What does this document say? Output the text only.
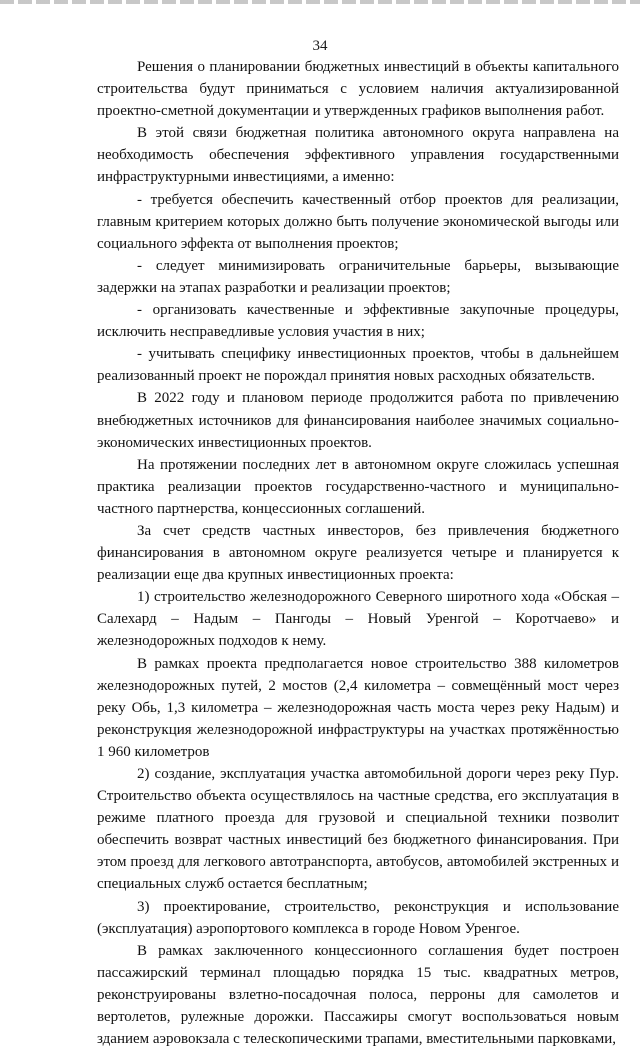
34

Решения о планировании бюджетных инвестиций в объекты капитального строительства будут приниматься с условием наличия актуализированной проектно-сметной документации и утвержденных графиков выполнения работ.

В этой связи бюджетная политика автономного округа направлена на необходимость обеспечения эффективного управления государственными инфраструктурными инвестициями, а именно:

- требуется обеспечить качественный отбор проектов для реализации, главным критерием которых должно быть получение экономической выгоды или социального эффекта от выполнения проектов;

- следует минимизировать ограничительные барьеры, вызывающие задержки на этапах разработки и реализации проектов;

- организовать качественные и эффективные закупочные процедуры, исключить несправедливые условия участия в них;

- учитывать специфику инвестиционных проектов, чтобы в дальнейшем реализованный проект не порождал принятия новых расходных обязательств.

В 2022 году и плановом периоде продолжится работа по привлечению внебюджетных источников для финансирования наиболее значимых социально-экономических инвестиционных проектов.

На протяжении последних лет в автономном округе сложилась успешная практика реализации проектов государственно-частного и муниципально-частного партнерства, концессионных соглашений.

За счет средств частных инвесторов, без привлечения бюджетного финансирования в автономном округе реализуется четыре и планируется к реализации еще два крупных инвестиционных проекта:

1) строительство железнодорожного Северного широтного хода «Обская – Салехард – Надым – Пангоды – Новый Уренгой – Коротчаево» и железнодорожных подходов к нему.

В рамках проекта предполагается новое строительство 388 километров железнодорожных путей, 2 мостов (2,4 километра – совмещённый мост через реку Обь, 1,3 километра – железнодорожная часть моста через реку Надым) и реконструкция железнодорожной инфраструктуры на участках протяжённостью 1 960 километров

2) создание, эксплуатация участка автомобильной дороги через реку Пур. Строительство объекта осуществлялось на частные средства, его эксплуатация в режиме платного проезда для грузовой и специальной техники позволит обеспечить возврат частных инвестиций без бюджетного финансирования. При этом проезд для легкового автотранспорта, автобусов, автомобилей экстренных и специальных служб остается бесплатным;

3) проектирование, строительство, реконструкция и использование (эксплуатация) аэропортового комплекса в городе Новом Уренгое.

В рамках заключенного концессионного соглашения будет построен пассажирский терминал площадью порядка 15 тыс. квадратных метров, реконструированы взлетно-посадочная полоса, перроны для самолетов и вертолетов, рулежные дорожки. Пассажиры смогут воспользоваться новым зданием аэровокзала с телескопическими трапами, вместительными парковками,
